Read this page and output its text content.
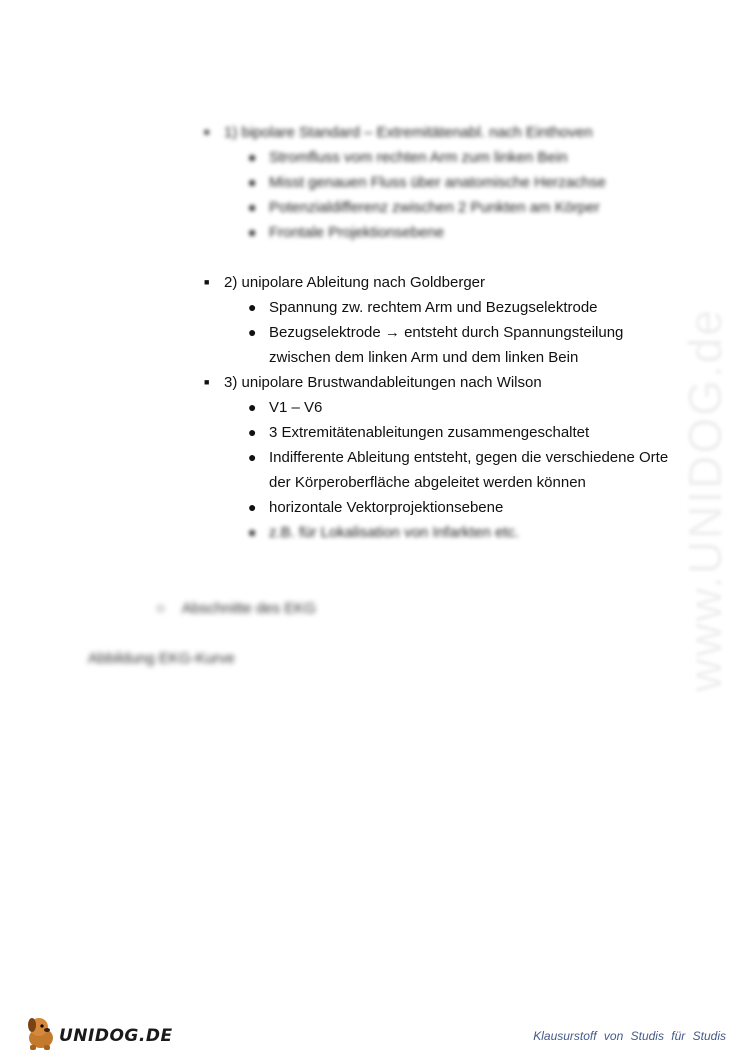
www.UNIDOG.de
■ 1) bipolare Standard – Extremitätenabl. nach Einthoven
● Stromfluss vom rechten Arm zum linken Bein
● Misst genauen Fluss über anatomische Herzachse
● Potenzialdifferenz zwischen 2 Punkten am Körper
● Frontale Projektionsebene
■ 2) unipolare Ableitung nach Goldberger
● Spannung zw. rechtem Arm und Bezugselektrode
● Bezugselektrode → entsteht durch Spannungsteilung
zwischen dem linken Arm und dem linken Bein
■ 3) unipolare Brustwandableitungen nach Wilson
● V1 – V6
● 3 Extremitätenableitungen zusammengeschaltet
● Indifferente Ableitung entsteht, gegen die verschiedene Orte
der Körperoberfläche abgeleitet werden können
● horizontale Vektorprojektionsebene
● z.B. für Lokalisation von Infarkten etc.
○ Abschnitte des EKG
Abbildung EKG-Kurve
UNIDOG.DE	Klausurstoff von Studis für Studis
